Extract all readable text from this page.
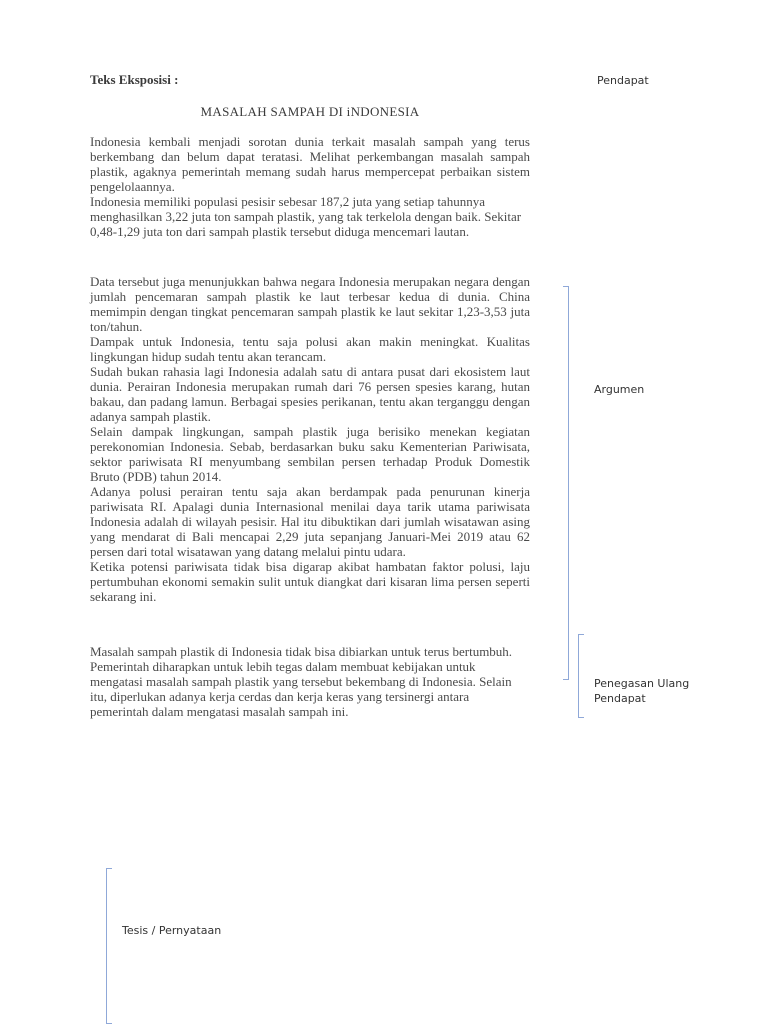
Teks Eksposisi :
MASALAH SAMPAH DI iNDONESIA

Indonesia kembali menjadi sorotan dunia terkait masalah sampah yang terus berkembang dan belum dapat teratasi. Melihat perkembangan masalah sampah plastik, agaknya pemerintah memang sudah harus mempercepat perbaikan sistem pengelolaannya.

Indonesia memiliki populasi pesisir sebesar 187,2 juta yang setiap tahunnya menghasilkan 3,22 juta ton sampah plastik, yang tak terkelola dengan baik. Sekitar 0,48-1,29 juta ton dari sampah plastik tersebut diduga mencemari lautan.

Data tersebut juga menunjukkan bahwa negara Indonesia merupakan negara dengan jumlah pencemaran sampah plastik ke laut terbesar kedua di dunia. China memimpin dengan tingkat pencemaran sampah plastik ke laut sekitar 1,23-3,53 juta ton/tahun.

Dampak untuk Indonesia, tentu saja polusi akan makin meningkat. Kualitas lingkungan hidup sudah tentu akan terancam.

Sudah bukan rahasia lagi Indonesia adalah satu di antara pusat dari ekosistem laut dunia. Perairan Indonesia merupakan rumah dari 76 persen spesies karang, hutan bakau, dan padang lamun. Berbagai spesies perikanan, tentu akan terganggu dengan adanya sampah plastik.

Selain dampak lingkungan, sampah plastik juga berisiko menekan kegiatan perekonomian Indonesia. Sebab, berdasarkan buku saku Kementerian Pariwisata, sektor pariwisata RI menyumbang sembilan persen terhadap Produk Domestik Bruto (PDB) tahun 2014.

Adanya polusi perairan tentu saja akan berdampak pada penurunan kinerja pariwisata RI. Apalagi dunia Internasional menilai daya tarik utama pariwisata Indonesia adalah di wilayah pesisir. Hal itu dibuktikan dari jumlah wisatawan asing yang mendarat di Bali mencapai 2,29 juta sepanjang Januari-Mei 2019 atau 62 persen dari total wisatawan yang datang melalui pintu udara.

Ketika potensi pariwisata tidak bisa digarap akibat hambatan faktor polusi, laju pertumbuhan ekonomi semakin sulit untuk diangkat dari kisaran lima persen seperti sekarang ini.

Masalah sampah plastik di Indonesia tidak bisa dibiarkan untuk terus bertumbuh. Pemerintah diharapkan untuk lebih tegas dalam membuat kebijakan untuk mengatasi masalah sampah plastik yang tersebut bekembang di Indonesia. Selain itu, diperlukan adanya kerja cerdas dan kerja keras yang tersinergi antara pemerintah dalam mengatasi masalah sampah ini.

Pendapat
Argumen
Penegasan Ulang
Pendapat
Tesis / Pernyataan
